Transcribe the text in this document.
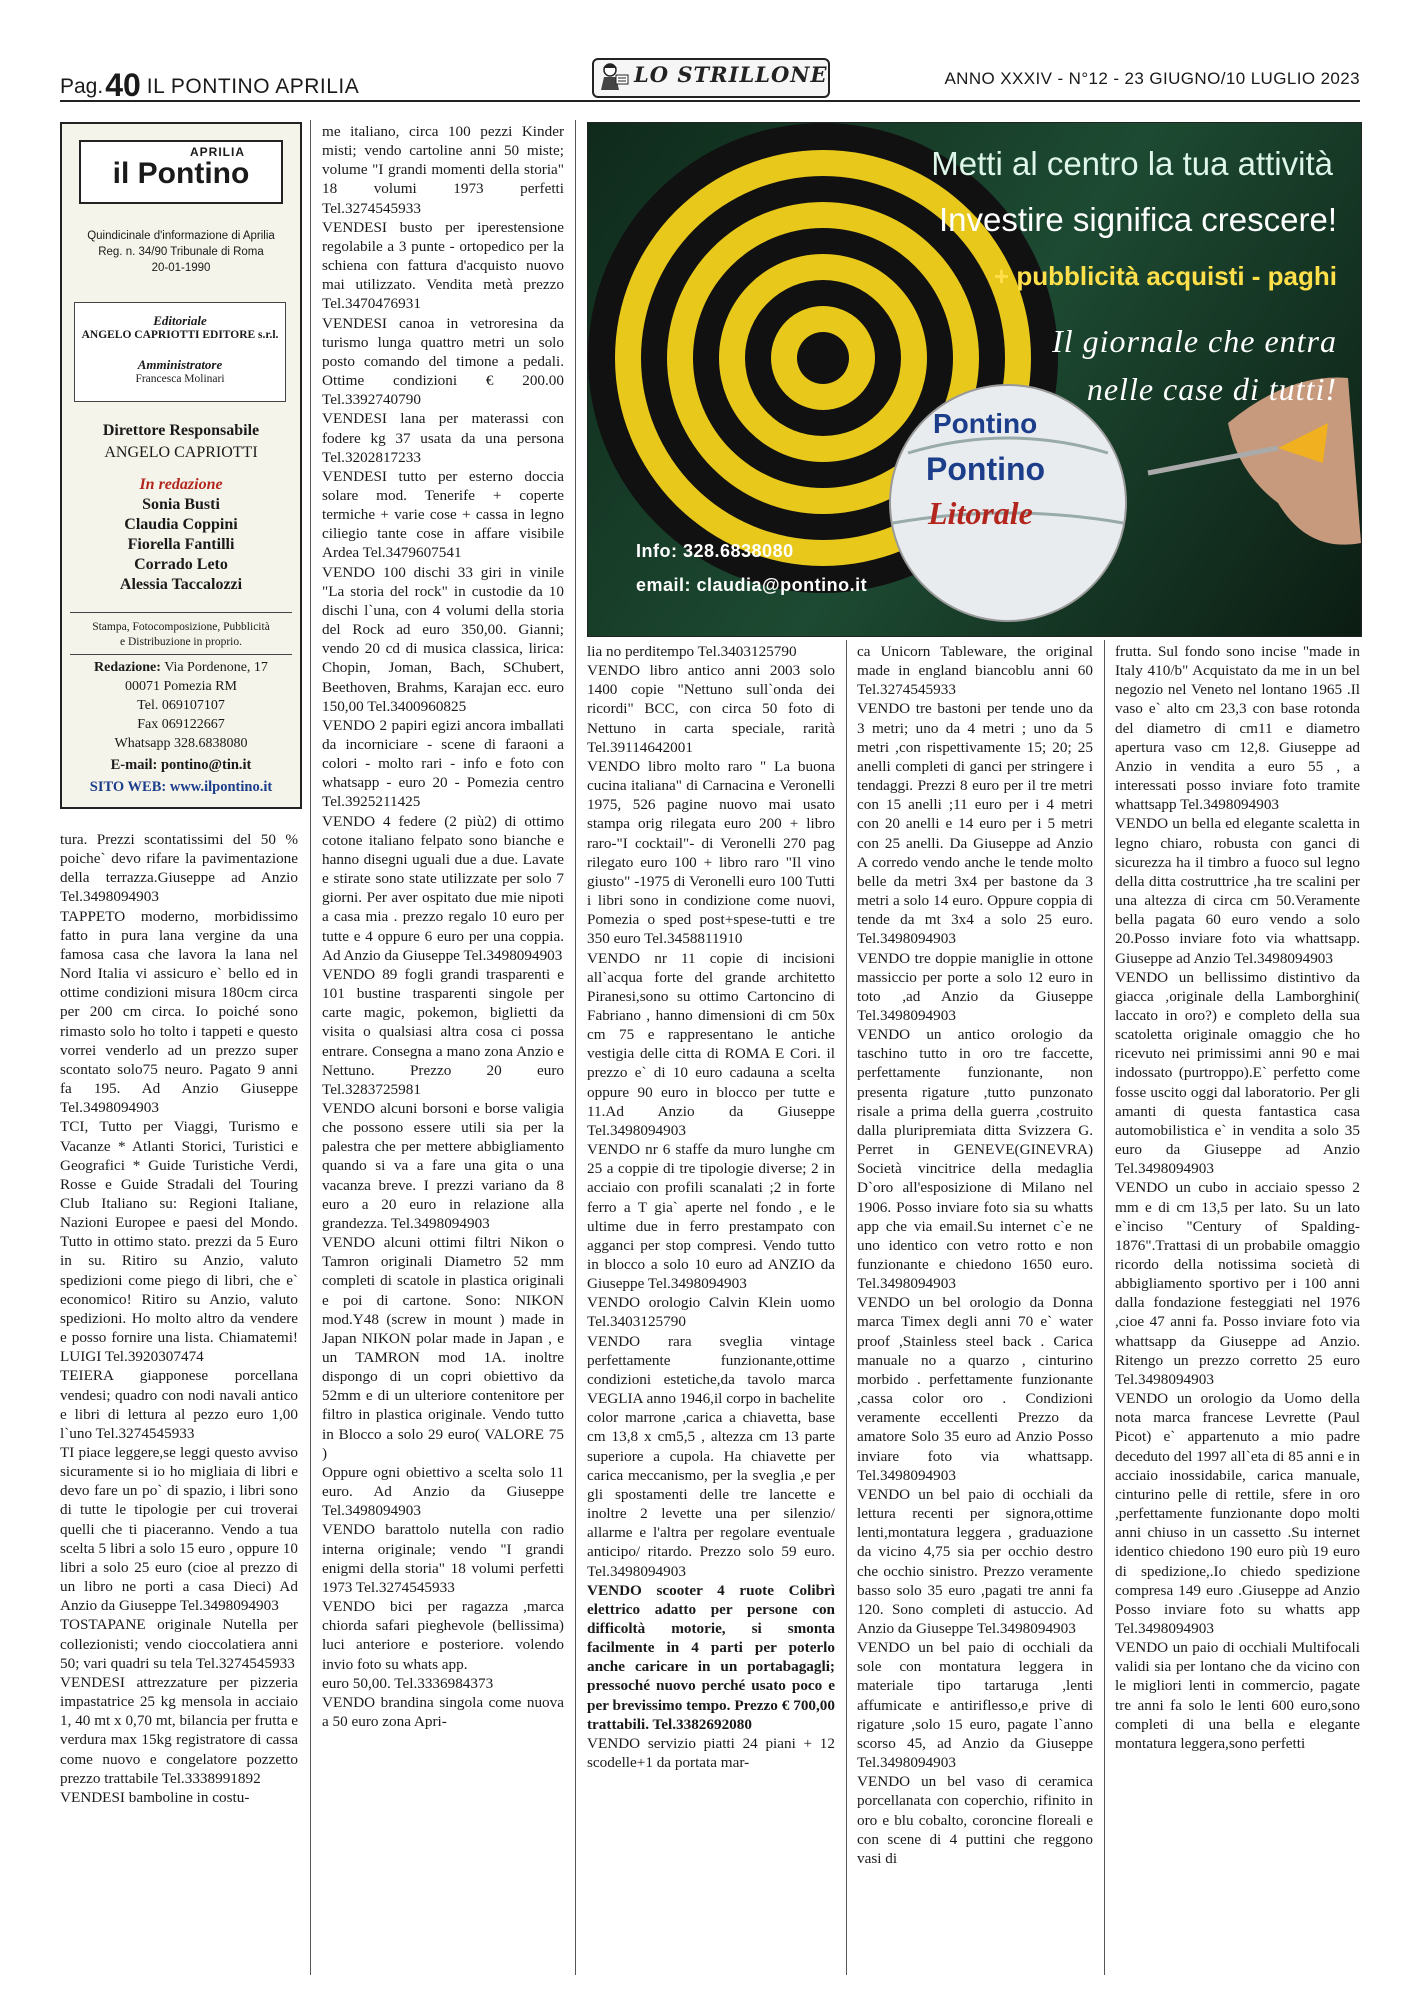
Pag.40 IL PONTINO APRILIA	LO STRILLONE	ANNO XXXIV - N°12 - 23 GIUGNO/10 LUGLIO 2023
APRILIA
il Pontino
Quindicinale d'informazione di Aprilia
Reg. n. 34/90 Tribunale di Roma
20-01-1990
Editoriale
ANGELO CAPRIOTTI EDITORE s.r.l.
Amministratore
Francesca Molinari
Direttore Responsabile
ANGELO CAPRIOTTI
In redazione
Sonia Busti
Claudia Coppini
Fiorella Fantilli
Corrado Leto
Alessia Taccalozzi
Stampa, Fotocomposizione, Pubblicità
e Distribuzione in proprio.
Redazione: Via Pordenone, 17
00071 Pomezia RM
Tel. 069107107
Fax 069122667
Whatsapp 328.6838080
E-mail: pontino@tin.it
SITO WEB: www.ilpontino.it

tura. Prezzi scontatissimi del 50 % poiche` devo rifare la pavimentazione della terrazza.Giuseppe ad Anzio Tel.3498094903

TAPPETO moderno, morbidissimo fatto in pura lana vergine da una famosa casa che lavora la lana nel Nord Italia vi assicuro e` bello ed in ottime condizioni misura 180cm circa per 200 cm circa. Io poiché sono rimasto solo ho tolto i tappeti e questo vorrei venderlo ad un prezzo super scontato solo75 neuro. Pagato 9 anni fa 195. Ad Anzio Giuseppe Tel.3498094903

TCI, Tutto per Viaggi, Turismo e Vacanze * Atlanti Storici, Turistici e Geografici * Guide Turistiche Verdi, Rosse e Guide Stradali del Touring Club Italiano su: Regioni Italiane, Nazioni Europee e paesi del Mondo. Tutto in ottimo stato. prezzi da 5 Euro in su. Ritiro su Anzio, valuto spedizioni come piego di libri, che e` economico! Ritiro su Anzio, valuto spedizioni. Ho molto altro da vendere e posso fornire una lista. Chiamatemi! LUIGI Tel.3920307474

TEIERA giapponese porcellana vendesi; quadro con nodi navali antico e libri di lettura al pezzo euro 1,00 l`uno Tel.3274545933

TI piace leggere,se leggi questo avviso sicuramente si io ho migliaia di libri e devo fare un po` di spazio, i libri sono di tutte le tipologie per cui troverai quelli che ti piaceranno. Vendo a tua scelta 5 libri a solo 15 euro , oppure 10 libri a solo 25 euro (cioe al prezzo di un libro ne porti a casa Dieci) Ad Anzio da Giuseppe Tel.3498094903

TOSTAPANE originale Nutella per collezionisti; vendo cioccolatiera anni 50; vari quadri su tela Tel.3274545933

VENDESI attrezzature per pizzeria impastatrice 25 kg mensola in acciaio 1, 40 mt x 0,70 mt, bilancia per frutta e verdura max 15kg registratore di cassa come nuovo e congelatore pozzetto prezzo trattabile Tel.3338991892

VENDESI bamboline in costu-

me italiano, circa 100 pezzi Kinder misti; vendo cartoline anni 50 miste; volume "I grandi momenti della storia" 18 volumi 1973 perfetti Tel.3274545933

VENDESI busto per iperestensione regolabile a 3 punte - ortopedico per la schiena con fattura d'acquisto nuovo mai utilizzato. Vendita metà prezzo Tel.3470476931

VENDESI canoa in vetroresina da turismo lunga quattro metri un solo posto comando del timone a pedali. Ottime condizioni € 200.00 Tel.3392740790

VENDESI lana per materassi con fodere kg 37 usata da una persona Tel.3202817233

VENDESI tutto per esterno doccia solare mod. Tenerife + coperte termiche + varie cose + cassa in legno ciliegio tante cose in affare visibile Ardea Tel.3479607541

VENDO 100 dischi 33 giri in vinile "La storia del rock" in custodie da 10 dischi l`una, con 4 volumi della storia del Rock ad euro 350,00. Gianni; vendo 20 cd di musica classica, lirica: Chopin, Joman, Bach, SChubert, Beethoven, Brahms, Karajan ecc. euro 150,00 Tel.3400960825

VENDO 2 papiri egizi ancora imballati da incorniciare - scene di faraoni a colori - molto rari - info e foto con whatsapp - euro 20 - Pomezia centro Tel.3925211425

VENDO 4 federe (2 più2) di ottimo cotone italiano felpato sono bianche e hanno disegni uguali due a due. Lavate e stirate sono state utilizzate per solo 7 giorni. Per aver ospitato due mie nipoti a casa mia . prezzo regalo 10 euro per tutte e 4 oppure 6 euro per una coppia. Ad Anzio da Giuseppe Tel.3498094903

VENDO 89 fogli grandi trasparenti e 101 bustine trasparenti singole per carte magic, pokemon, biglietti da visita o qualsiasi altra cosa ci possa entrare. Consegna a mano zona Anzio e Nettuno. Prezzo 20 euro Tel.3283725981

VENDO alcuni borsoni e borse valigia che possono essere utili sia per la palestra che per mettere abbigliamento quando si va a fare una gita o una vacanza breve. I prezzi variano da 8 euro a 20 euro in relazione alla grandezza. Tel.3498094903

VENDO alcuni ottimi filtri Nikon o Tamron originali Diametro 52 mm completi di scatole in plastica originali e poi di cartone. Sono: NIKON mod.Y48 (screw in mount ) made in Japan NIKON polar made in Japan , e un TAMRON mod 1A. inoltre dispongo di un copri obiettivo da 52mm e di un ulteriore contenitore per filtro in plastica originale. Vendo tutto in Blocco a solo 29 euro( VALORE 75 )

Oppure ogni obiettivo a scelta solo 11 euro. Ad Anzio da Giuseppe Tel.3498094903

VENDO barattolo nutella con radio interna originale; vendo "I grandi enigmi della storia" 18 volumi perfetti 1973 Tel.3274545933

VENDO bici per ragazza ,marca chiorda safari pieghevole (bellissima) luci anteriore e posteriore. volendo invio foto su whats app.

euro 50,00. Tel.3336984373

VENDO brandina singola come nuova a 50 euro zona Apri-

Metti al centro la tua attività
Investire significa crescere!
+ pubblicità acquisti - paghi
Il giornale che entra
nelle case di tutti!
Pontino
Pontino
Litorale
Info: 328.6838080
email: claudia@pontino.it

lia no perditempo Tel.3403125790

VENDO libro antico anni 2003 solo 1400 copie "Nettuno sull`onda dei ricordi" BCC, con circa 50 foto di Nettuno in carta speciale, rarità Tel.39114642001

VENDO libro molto raro " La buona cucina italiana" di Carnacina e Veronelli 1975, 526 pagine nuovo mai usato stampa orig rilegata euro 200 + libro raro-"I cocktail"- di Veronelli 270 pag rilegato euro 100 + libro raro "Il vino giusto" -1975 di Veronelli euro 100 Tutti i libri sono in condizione come nuovi, Pomezia o sped post+spese-tutti e tre 350 euro Tel.3458811910

VENDO nr 11 copie di incisioni all`acqua forte del grande architetto Piranesi,sono su ottimo Cartoncino di Fabriano , hanno dimensioni di cm 50x cm 75 e rappresentano le antiche vestigia delle citta di ROMA E Cori. il prezzo e` di 10 euro cadauna a scelta oppure 90 euro in blocco per tutte e 11.Ad Anzio da Giuseppe Tel.3498094903

VENDO nr 6 staffe da muro lunghe cm 25 a coppie di tre tipologie diverse; 2 in acciaio con profili scanalati ;2 in forte ferro a T gia` aperte nel fondo , e le ultime due in ferro prestampato con agganci per stop compresi. Vendo tutto in blocco a solo 10 euro ad ANZIO da Giuseppe Tel.3498094903

VENDO orologio Calvin Klein uomo Tel.3403125790

VENDO rara sveglia vintage perfettamente funzionante,ottime condizioni estetiche,da tavolo marca VEGLIA anno 1946,il corpo in bachelite color marrone ,carica a chiavetta, base cm 13,8 x cm5,5 , altezza cm 13 parte superiore a cupola. Ha chiavette per carica meccanismo, per la sveglia ,e per gli spostamenti delle tre lancette e inoltre 2 levette una per silenzio/ allarme e l'altra per regolare eventuale anticipo/ ritardo. Prezzo solo 59 euro. Tel.3498094903

VENDO scooter 4 ruote Colibrì elettrico adatto per persone con difficoltà motorie, si smonta facilmente in 4 parti per poterlo anche caricare in un portabagagli; pressoché nuovo perché usato poco e per brevissimo tempo. Prezzo € 700,00 trattabili. Tel.3382692080

VENDO servizio piatti 24 piani + 12 scodelle+1 da portata mar-

ca Unicorn Tableware, the original made in england biancoblu anni 60 Tel.3274545933

VENDO tre bastoni per tende uno da 3 metri; uno da 4 metri ; uno da 5 metri ,con rispettivamente 15; 20; 25 anelli completi di ganci per stringere i tendaggi. Prezzi 8 euro per il tre metri con 15 anelli ;11 euro per i 4 metri con 20 anelli e 14 euro per i 5 metri con 25 anelli. Da Giuseppe ad Anzio A corredo vendo anche le tende molto belle da metri 3x4 per bastone da 3 metri a solo 14 euro. Oppure coppia di tende da mt 3x4 a solo 25 euro. Tel.3498094903

VENDO tre doppie maniglie in ottone massiccio per porte a solo 12 euro in toto ,ad Anzio da Giuseppe Tel.3498094903

VENDO un antico orologio da taschino tutto in oro tre faccette, perfettamente funzionante, non presenta rigature ,tutto punzonato risale a prima della guerra ,costruito dalla pluripremiata ditta Svizzera G. Perret in GENEVE(GINEVRA) Società vincitrice della medaglia D`oro all'esposizione di Milano nel 1906. Posso inviare foto sia su whatts app che via email.Su internet c`e ne uno identico con vetro rotto e non funzionante e chiedono 1650 euro. Tel.3498094903

VENDO un bel orologio da Donna marca Timex degli anni 70 e` water proof ,Stainless steel back . Carica manuale no a quarzo , cinturino morbido . perfettamente funzionante ,cassa color oro . Condizioni veramente eccellenti Prezzo da amatore Solo 35 euro ad Anzio Posso inviare foto via whattsapp. Tel.3498094903

VENDO un bel paio di occhiali da lettura recenti per signora,ottime lenti,montatura leggera , graduazione da vicino 4,75 sia per occhio destro che occhio sinistro. Prezzo veramente basso solo 35 euro ,pagati tre anni fa 120. Sono completi di astuccio. Ad Anzio da Giuseppe Tel.3498094903

VENDO un bel paio di occhiali da sole con montatura leggera in materiale tipo tartaruga ,lenti affumicate e antiriflesso,e prive di rigature ,solo 15 euro, pagate l`anno scorso 45, ad Anzio da Giuseppe Tel.3498094903

VENDO un bel vaso di ceramica porcellanata con coperchio, rifinito in oro e blu cobalto, coroncine floreali e con scene di 4 puttini che reggono vasi di

frutta. Sul fondo sono incise "made in Italy 410/b" Acquistato da me in un bel negozio nel Veneto nel lontano 1965 .Il vaso e` alto cm 23,3 con base rotonda del diametro di cm11 e diametro apertura vaso cm 12,8. Giuseppe ad Anzio in vendita a euro 55 , a interessati posso inviare foto tramite whattsapp Tel.3498094903

VENDO un bella ed elegante scaletta in legno chiaro, robusta con ganci di sicurezza ha il timbro a fuoco sul legno della ditta costruttrice ,ha tre scalini per una altezza di circa cm 50.Veramente bella pagata 60 euro vendo a solo 20.Posso inviare foto via whattsapp. Giuseppe ad Anzio Tel.3498094903

VENDO un bellissimo distintivo da giacca ,originale della Lamborghini( laccato in oro?) e completo della sua scatoletta originale omaggio che ho ricevuto nei primissimi anni 90 e mai indossato (purtroppo).E` perfetto come fosse uscito oggi dal laboratorio. Per gli amanti di questa fantastica casa automobilistica e` in vendita a solo 35 euro da Giuseppe ad Anzio Tel.3498094903

VENDO un cubo in acciaio spesso 2 mm e di cm 13,5 per lato. Su un lato e`inciso "Century of Spalding-1876".Trattasi di un probabile omaggio ricordo della notissima società di abbigliamento sportivo per i 100 anni dalla fondazione festeggiati nel 1976 ,cioe 47 anni fa. Posso inviare foto via whattsapp da Giuseppe ad Anzio. Ritengo un prezzo corretto 25 euro Tel.3498094903

VENDO un orologio da Uomo della nota marca francese Levrette (Paul Picot) e` appartenuto a mio padre deceduto del 1997 all`eta di 85 anni e in acciaio inossidabile, carica manuale, cinturino pelle di rettile, sfere in oro ,perfettamente funzionante dopo molti anni chiuso in un cassetto .Su internet identico chiedono 190 euro più 19 euro di spedizione,.Io chiedo spedizione compresa 149 euro .Giuseppe ad Anzio Posso inviare foto su whatts app Tel.3498094903

VENDO un paio di occhiali Multifocali validi sia per lontano che da vicino con le migliori lenti in commercio, pagate tre anni fa solo le lenti 600 euro,sono completi di una bella e elegante montatura leggera,sono perfetti
